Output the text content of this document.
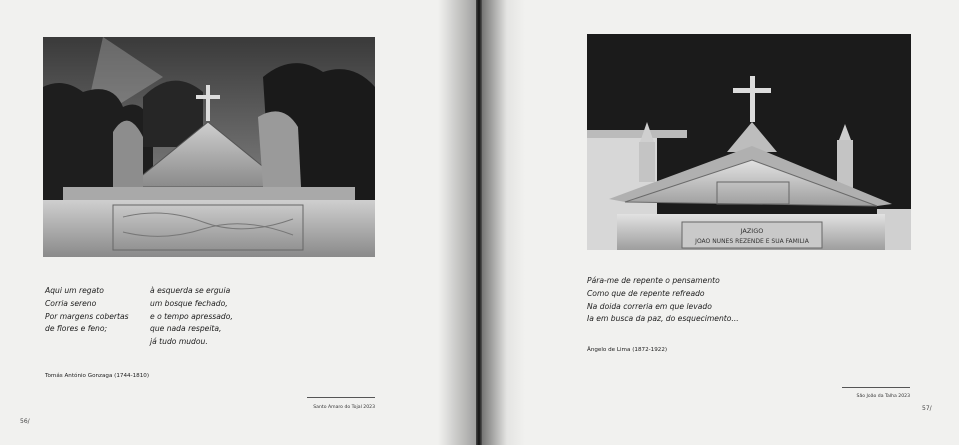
Aqui um regato
Corria sereno
Por margens cobertas
de flores e feno;
à esquerda se erguia
um bosque fechado,
e o tempo apressado,
que nada respeita,
já tudo mudou.
Tomás António Gonzaga (1744-1810)
Santo Amaro do Tojal 2023
56/
JAZIGO
JOAO NUNES REZENDE E SUA FAMILIA
Pára-me de repente o pensamento
Como que de repente refreado
Na doida correria em que levado
Ia em busca da paz, do esquecimento...
Ângelo de Lima (1872-1922)
São João da Talha 2023
57/
